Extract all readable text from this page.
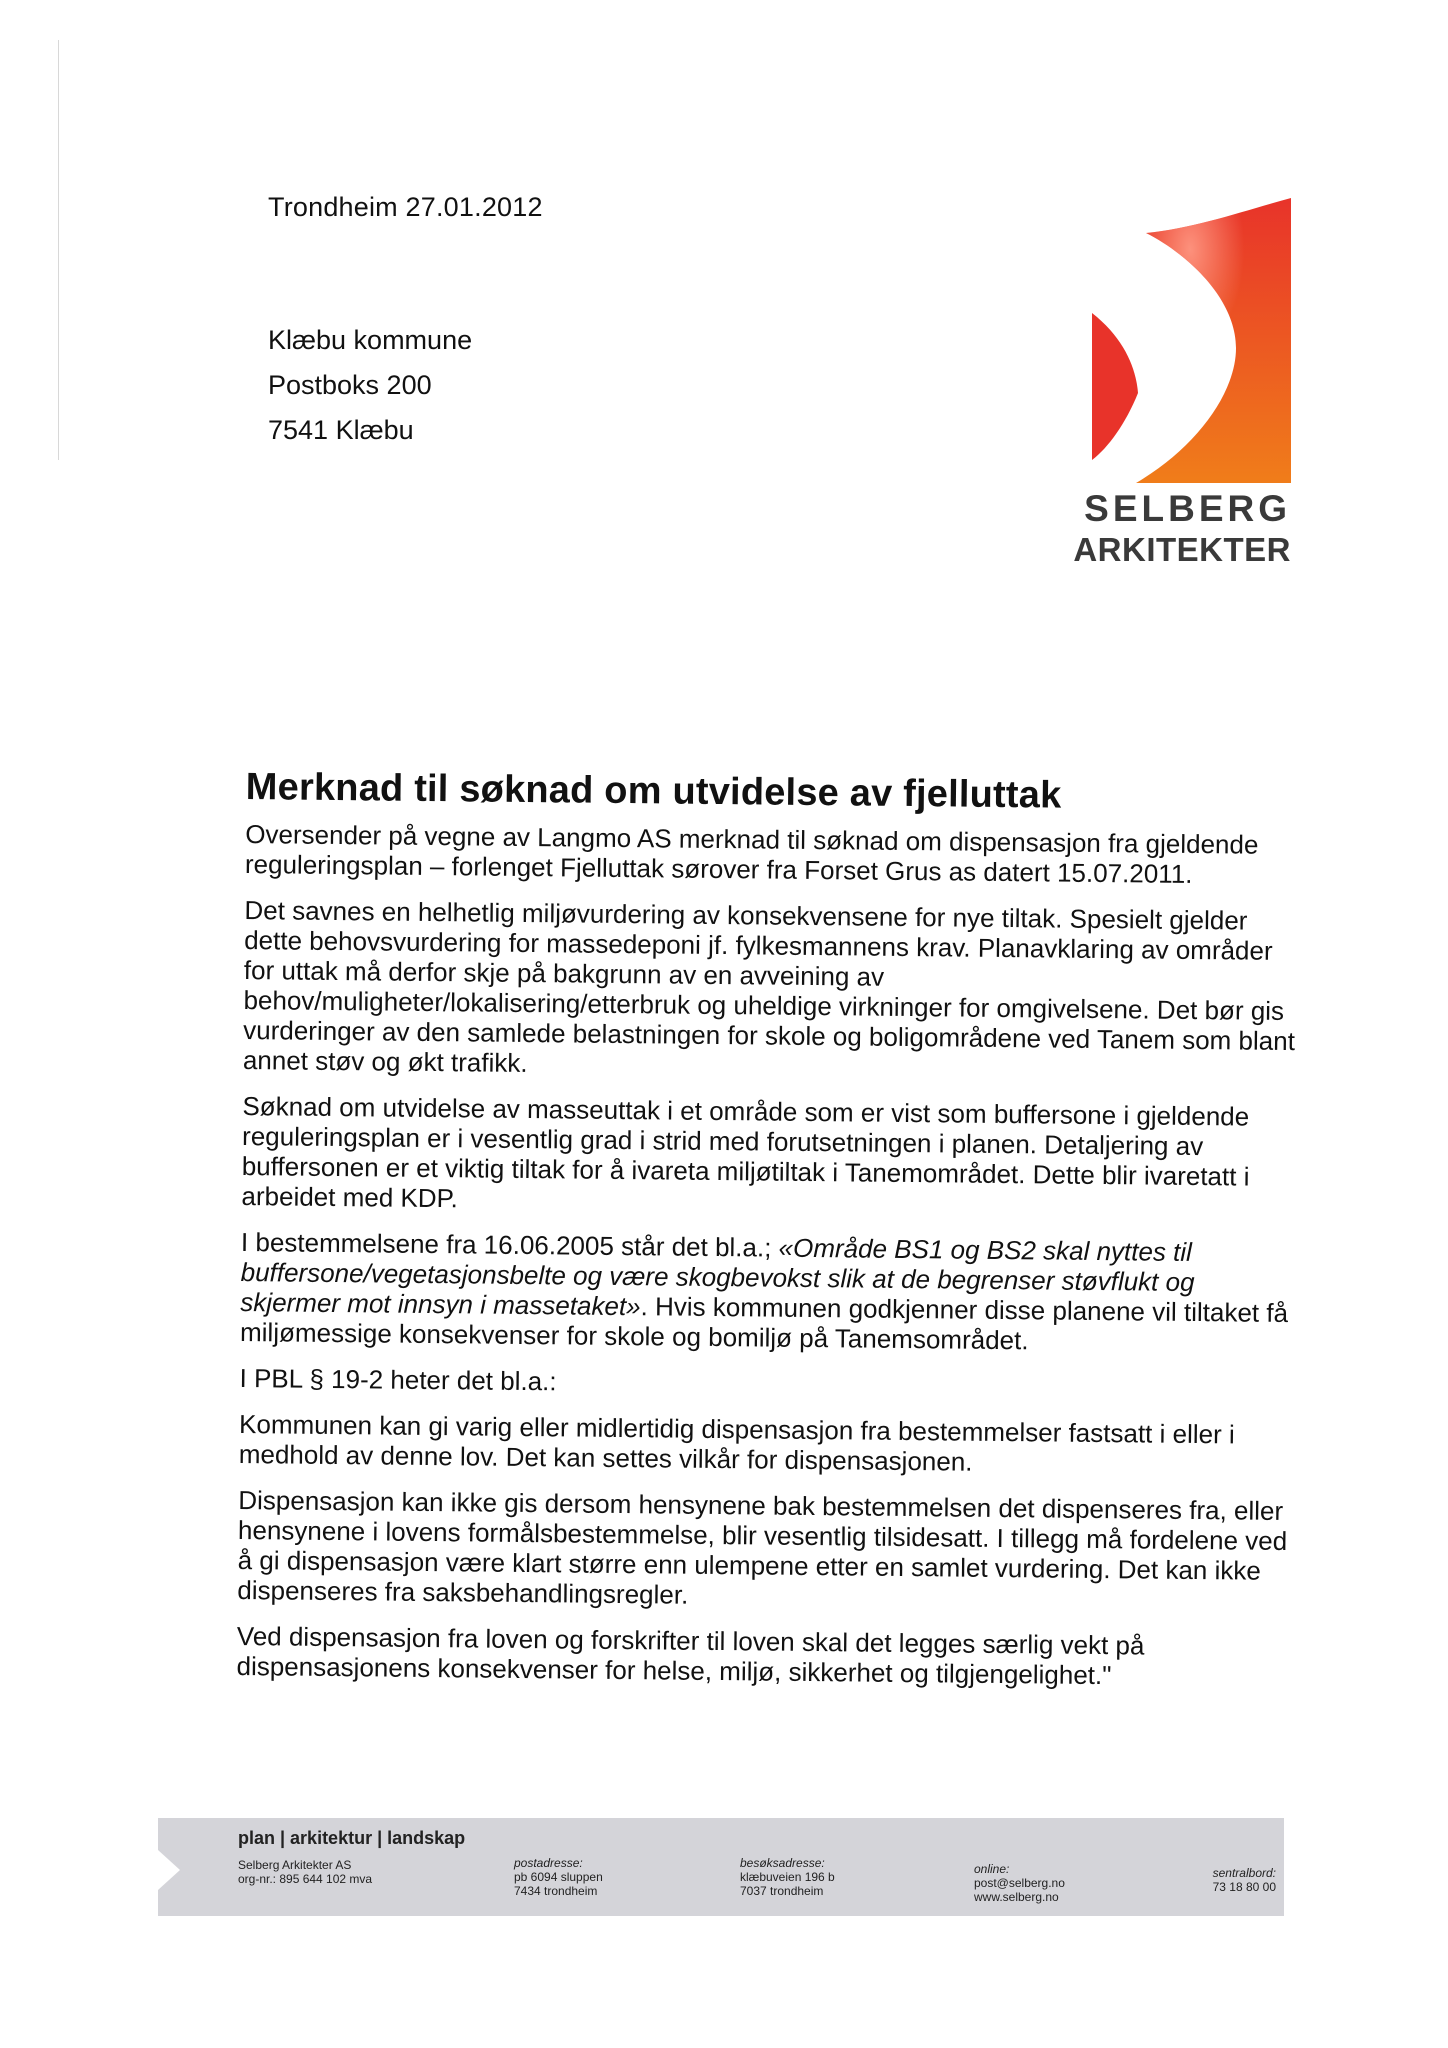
Trondheim 27.01.2012
Klæbu kommune
Postboks 200
7541 Klæbu
SELBERG
ARKITEKTER
Merknad til søknad om utvidelse av fjelluttak

Oversender på vegne av Langmo AS merknad til søknad om dispensasjon fra gjeldende reguleringsplan – forlenget Fjelluttak sørover fra Forset Grus as datert 15.07.2011.

Det savnes en helhetlig miljøvurdering av konsekvensene for nye tiltak. Spesielt gjelder dette behovsvurdering for massedeponi jf. fylkesmannens krav. Planavklaring av områder for uttak må derfor skje på bakgrunn av en avveining av behov/muligheter/lokalisering/etterbruk og uheldige virkninger for omgivelsene. Det bør gis vurderinger av den samlede belastningen for skole og boligområdene ved Tanem som blant annet støv og økt trafikk.

Søknad om utvidelse av masseuttak i et område som er vist som buffersone i gjeldende reguleringsplan er i vesentlig grad i strid med forutsetningen i planen. Detaljering av buffersonen er et viktig tiltak for å ivareta miljøtiltak i Tanemområdet. Dette blir ivaretatt i arbeidet med KDP.

I bestemmelsene fra 16.06.2005 står det bl.a.; «Område BS1 og BS2 skal nyttes til buffersone/vegetasjonsbelte og være skogbevokst slik at de begrenser støvflukt og skjermer mot innsyn i massetaket». Hvis kommunen godkjenner disse planene vil tiltaket få miljømessige konsekvenser for skole og bomiljø på Tanemsområdet.

I PBL § 19-2 heter det bl.a.:

Kommunen kan gi varig eller midlertidig dispensasjon fra bestemmelser fastsatt i eller i medhold av denne lov. Det kan settes vilkår for dispensasjonen.

Dispensasjon kan ikke gis dersom hensynene bak bestemmelsen det dispenseres fra, eller hensynene i lovens formålsbestemmelse, blir vesentlig tilsidesatt. I tillegg må fordelene ved å gi dispensasjon være klart større enn ulempene etter en samlet vurdering. Det kan ikke dispenseres fra saksbehandlingsregler.

Ved dispensasjon fra loven og forskrifter til loven skal det legges særlig vekt på dispensasjonens konsekvenser for helse, miljø, sikkerhet og tilgjengelighet."

plan | arkitektur | landskap
Selberg Arkitekter AS
org-nr.: 895 644 102 mva
postadresse:
pb 6094 sluppen
7434 trondheim
besøksadresse:
klæbuveien 196 b
7037 trondheim
online:
post@selberg.no
www.selberg.no
sentralbord:
73 18 80 00
